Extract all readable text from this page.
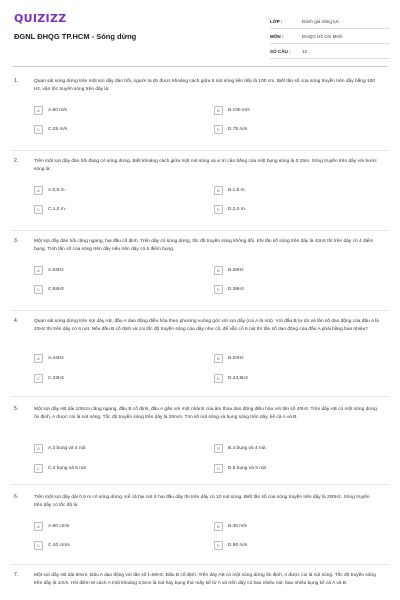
QUIZIZZ
ĐGNL ĐHQG TP.HCM - Sóng dừng
LỚP :	Đánh giá năng lực
MÔN :	ĐHQG Hồ Chí Minh
SỐ CÂU :	12
1.	Quan sát sóng dừng trên một sợi dây đàn hồi, người ta đo được khoảng cách giữa 5 nút sóng liên tiếp là 100 cm. Biết tần số của sóng truyền trên dây bằng 100 Hz, vận tốc truyền sóng trên dây là:
A	A.50 m/s	B	B.100 m/s
C	C.25 m/s	D	D.75 m/s
2.	Trên một sợi dây đàn hồi đang có sóng dừng. Biết khoảng cách giữa một nút sóng và vị trí cân bằng của một bụng sóng là 0,25m. Sóng truyền trên dây với bước sóng là:
A	A.0,5 m.	B	B.1,5 m.
C	C.1,0 m.	D	D.2,0 m.
3.	Một sợi dây đàn hồi căng ngang, hai đầu cố định. Trên dây có sóng dừng, tốc độ truyền sóng không đổi. Khi tần số sóng trên dây là 42Hz thì trên dây có 4 điểm bụng. Tính tần số của sóng trên dây nếu trên dây có 6 điểm bụng.
A	A.63Hz	B	B.28Hz
C	C.84Hz	D	D.36Hz
4.	Quan sát sóng dừng trên sợi dây AB, đầu A dao động điều hòa theo phương vuông góc với sợi dây (coi A là nút). Với đầu B tự do và tần số dao động của đầu A là 22Hz thì trên dây có 6 nút. Nếu đầu B cố định và coi tốc độ truyền sóng của dây như cũ, để vẫn có 6 nút thì tần số dao động của đầu A phải bằng bao nhiêu?
A	A.44Hz	B	B.20Hz
C	C.33Hz	D	D.24,5Hz
5.	Một sợi dây AB dài 100cm căng ngang, đầu B cố định, đầu A gắn với một nhánh của âm thoa dao động điều hòa với tần số 40Hz. Trên dây AB có một sóng dừng ổn định, A được coi là nút sóng. Tốc độ truyền sóng trên dây là 20m/s. Tìm số nút sóng và bụng sóng trên dây, kể cả A và B.
A	A.3 bụng và 4 nút	B	B.4 bụng và 4 nút
C	C.4 bụng và 5 nút	D	D.5 bụng và 5 nút
6.	Trên một sợi dây dài 0,9 m có sóng dừng. Kể cả hai nút ở hai đầu dây thì trên dây có 10 nút sóng. Biết tần số của sóng truyền trên dây là 200Hz. Sóng truyền trên dây có tốc độ là
A	A.90 cm/s	B	B.40 m/s
C	C.40 cm/s	D	D.90 m/s
7.	Một sợi dây AB dài 50cm. Đầu A dao động với tần số f=50Hz. Đầu B cố định. Trên dây AB có một sóng dừng ổn định, A được coi là nút sóng. Tốc độ truyền sóng trên dây là 1m/s. Hỏi điểm M cách A một khoảng 3,5cm là nút hay bụng thứ mấy kể từ A và trên dây có bao nhiêu nút, bao nhiêu bụng kể cả A và B.
